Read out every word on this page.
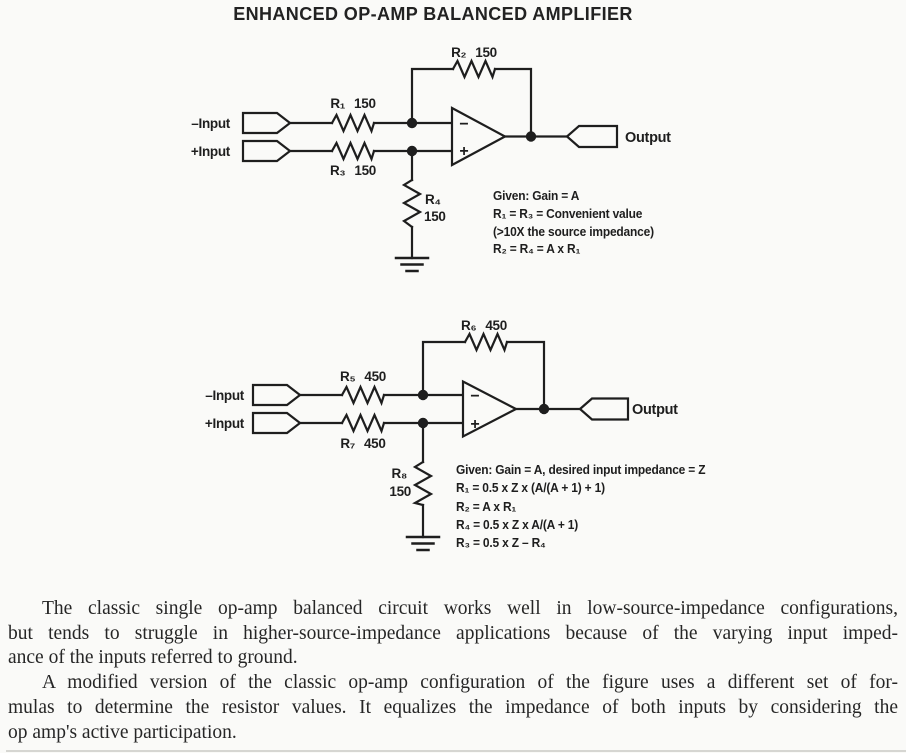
ENHANCED OP-AMP BALANCED AMPLIFIER
–Input
+Input
R₁ 150
R₃ 150
R₂ 150
R₄
150
−
+
Output
–Input
+Input
R₅ 450
R₇ 450
R₆ 450
R₈
150
−
+
Output
Given: Gain = A
R₁ = R₃ = Convenient value
(>10X the source impedance)
R₂ = R₄ = A x R₁
Given: Gain = A, desired input impedance = Z
R₁ = 0.5 x Z x (A/(A + 1) + 1)
R₂ = A x R₁
R₄ = 0.5 x Z x A/(A + 1)
R₃ = 0.5 x Z – R₄
The classic single op-amp balanced circuit works well in low-source-impedance configurations,
but tends to struggle in higher-source-impedance applications because of the varying input imped-
ance of the inputs referred to ground.
A modified version of the classic op-amp configuration of the figure uses a different set of for-
mulas to determine the resistor values. It equalizes the impedance of both inputs by considering the
op amp's active participation.
